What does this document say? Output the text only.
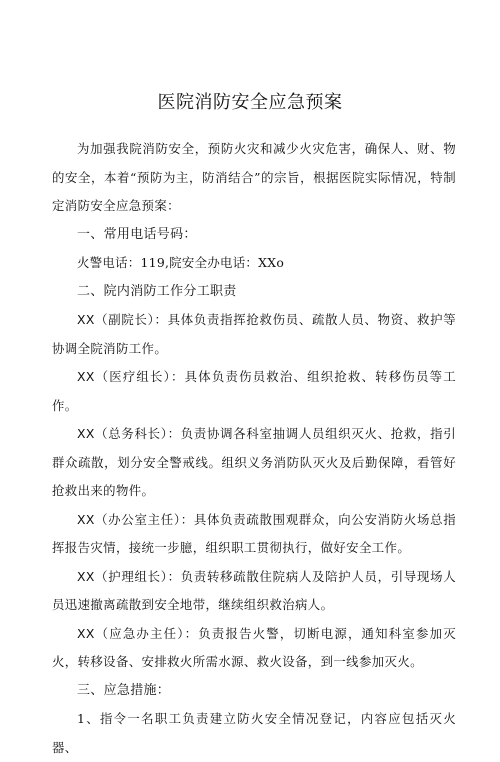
医院消防安全应急预案

为加强我院消防安全，预防火灾和减少火灾危害，确保人、财、物的安全，本着“预防为主，防消结合”的宗旨，根据医院实际情况，特制定消防安全应急预案：

一、常用电话号码：

火警电话：119,院安全办电话：XXo

二、院内消防工作分工职责

XX（副院长）：具体负责指挥抢救伤员、疏散人员、物资、救护等协调全院消防工作。

XX（医疗组长）：具体负责伤员救治、组织抢救、转移伤员等工作。

XX（总务科长）：负责协调各科室抽调人员组织灭火、抢救，指引群众疏散，划分安全警戒线。组织义务消防队灭火及后勤保障，看管好抢救出来的物件。

XX（办公室主任）：具体负责疏散围观群众，向公安消防火场总指挥报告灾情，接统一步臆，组织职工贯彻执行，做好安全工作。

XX（护理组长）：负责转移疏散住院病人及陪护人员，引导现场人员迅速撤离疏散到安全地带，继续组织救治病人。

XX（应急办主任）：负责报告火警，切断电源，通知科室参加灭火，转移设备、安排救火所需水源、救火设备，到一线参加灭火。

三、应急措施：

1、指令一名职工负责建立防火安全情况登记，内容应包括灭火器、
